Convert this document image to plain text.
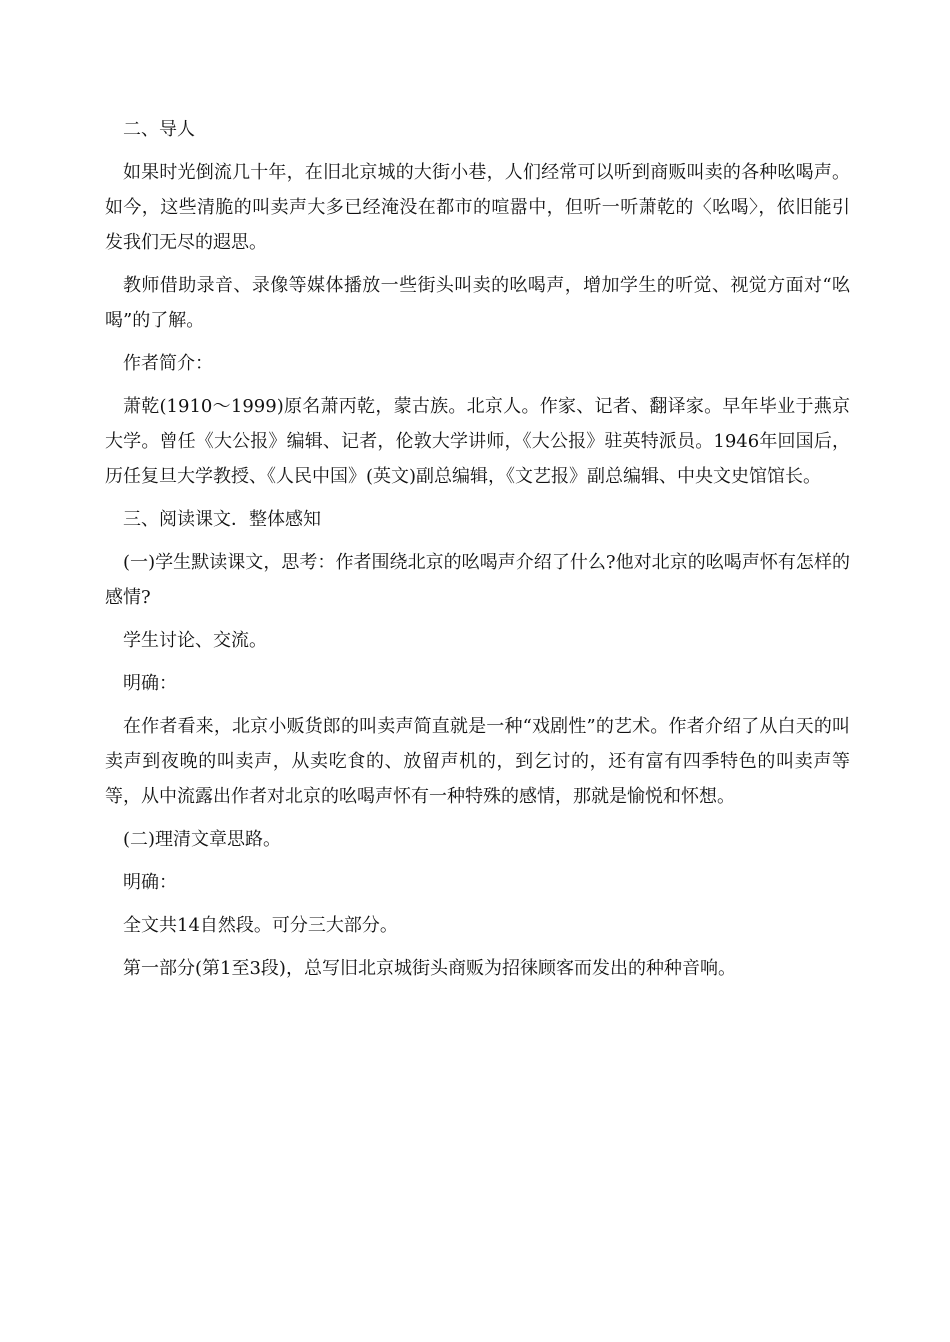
二、导人

如果时光倒流几十年，在旧北京城的大街小巷，人们经常可以听到商贩叫卖的各种吆喝声。如今，这些清脆的叫卖声大多已经淹没在都市的喧嚣中，但听一听萧乾的〈吆喝〉，依旧能引发我们无尽的遐思。

教师借助录音、录像等媒体播放一些街头叫卖的吆喝声，增加学生的听觉、视觉方面对“吆喝”的了解。

作者简介：

萧乾(1910～1999)原名萧丙乾，蒙古族。北京人。作家、记者、翻译家。早年毕业于燕京大学。曾任《大公报》编辑、记者，伦敦大学讲师，《大公报》驻英特派员。1946年回国后，历任复旦大学教授、《人民中国》(英文)副总编辑，《文艺报》副总编辑、中央文史馆馆长。

三、阅读课文．整体感知

(一)学生默读课文，思考：作者围绕北京的吆喝声介绍了什么?他对北京的吆喝声怀有怎样的感情?

学生讨论、交流。

明确：

在作者看来，北京小贩货郎的叫卖声简直就是一种“戏剧性”的艺术。作者介绍了从白天的叫卖声到夜晚的叫卖声，从卖吃食的、放留声机的，到乞讨的，还有富有四季特色的叫卖声等等，从中流露出作者对北京的吆喝声怀有一种特殊的感情，那就是愉悦和怀想。

(二)理清文章思路。

明确：

全文共14自然段。可分三大部分。

第一部分(第1至3段)，总写旧北京城街头商贩为招徕顾客而发出的种种音响。
